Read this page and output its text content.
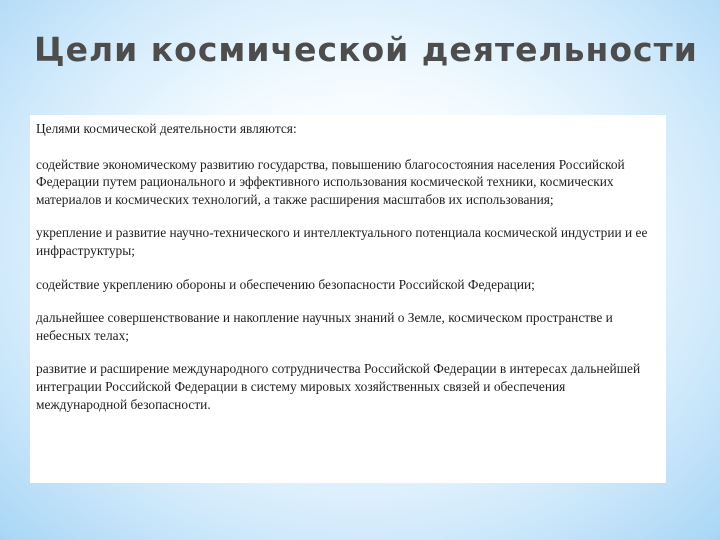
Цели космической деятельности

Целями космической деятельности являются:

содействие экономическому развитию государства, повышению благосостояния населения Российской Федерации путем рационального и эффективного использования космической техники, космических материалов и космических технологий, а также расширения масштабов их использования;

укрепление и развитие научно-технического и интеллектуального потенциала космической индустрии и ее инфраструктуры;

содействие укреплению обороны и обеспечению безопасности Российской Федерации;

дальнейшее совершенствование и накопление научных знаний о Земле, космическом пространстве и небесных телах;

развитие и расширение международного сотрудничества Российской Федерации в интересах дальнейшей интеграции Российской Федерации в систему мировых хозяйственных связей и обеспечения международной безопасности.
